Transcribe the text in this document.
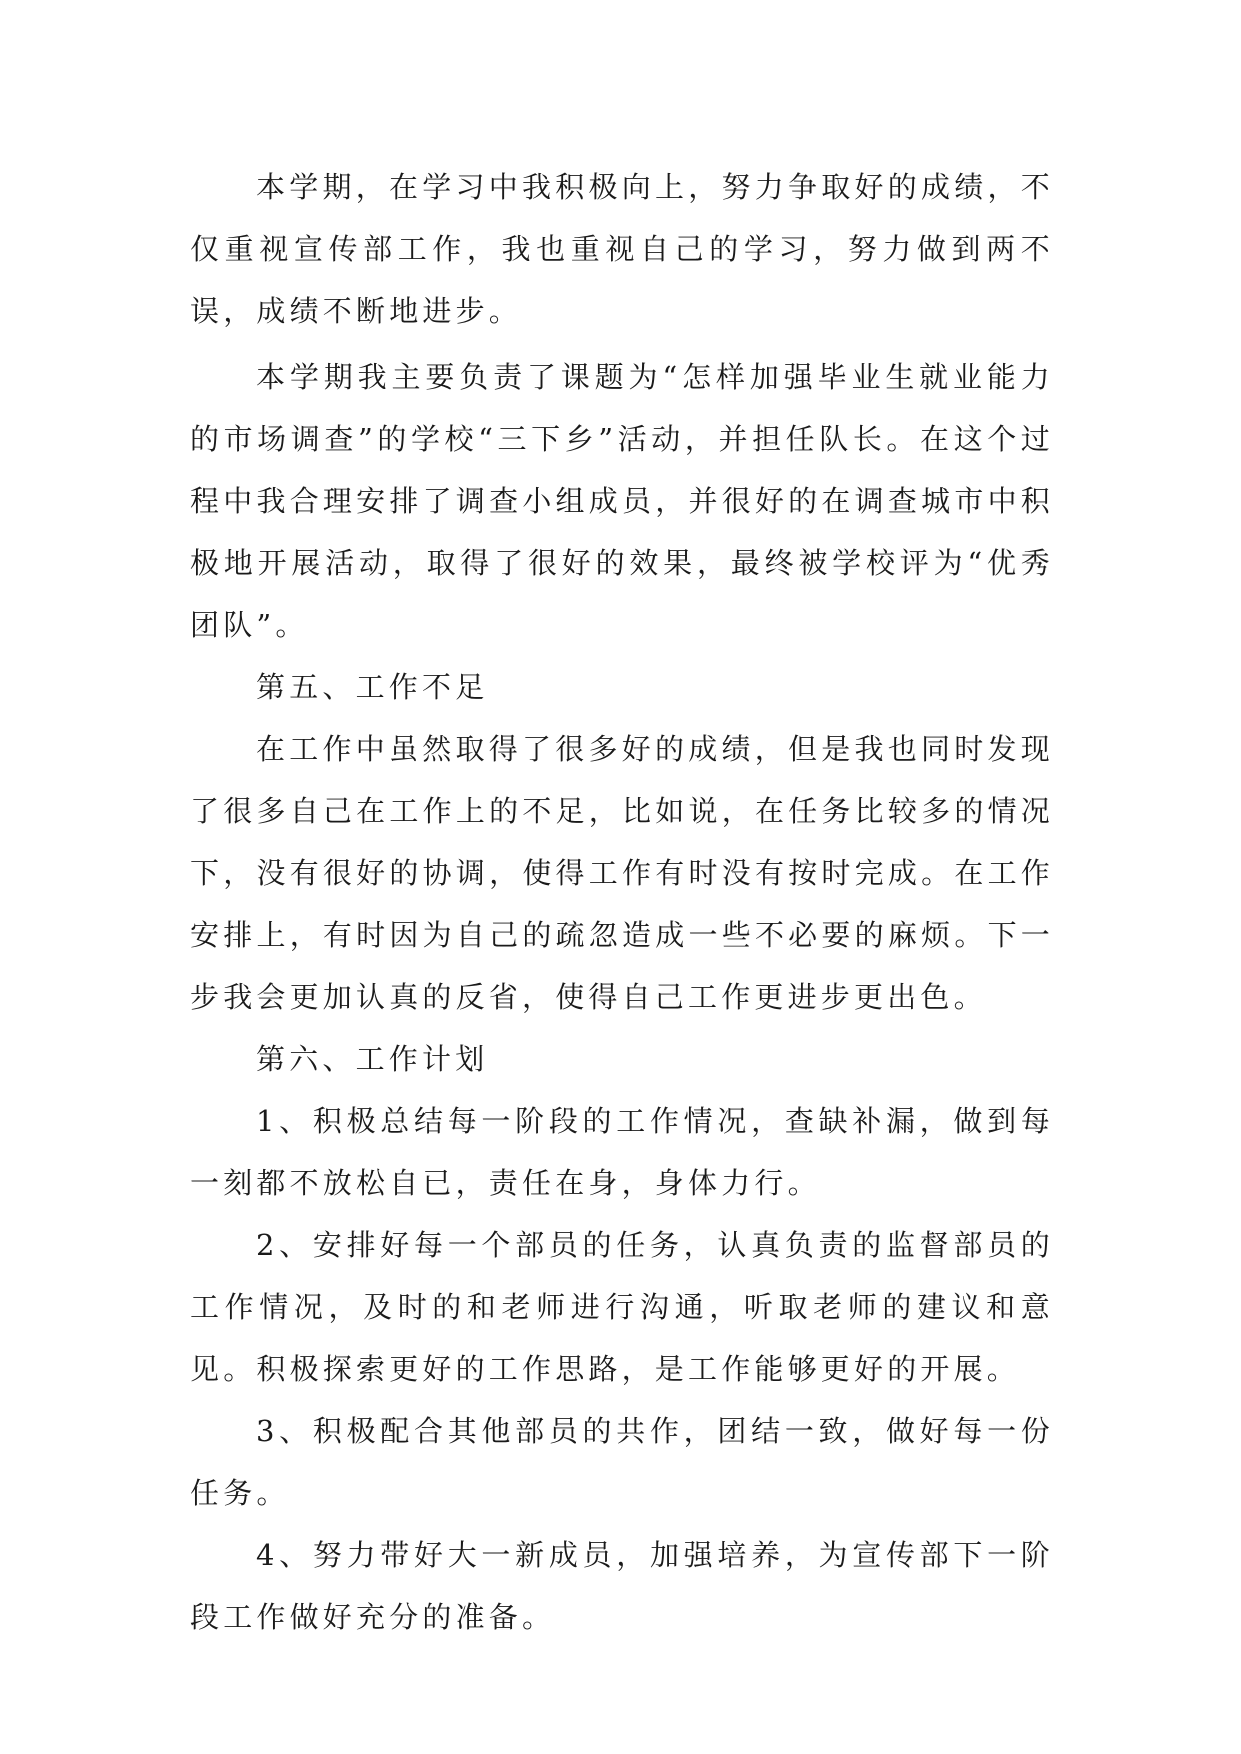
本学期，在学习中我积极向上，努力争取好的成绩，不仅重视宣传部工作，我也重视自己的学习，努力做到两不误，成绩不断地进步。

本学期我主要负责了课题为“怎样加强毕业生就业能力的市场调查”的学校“三下乡”活动，并担任队长。在这个过程中我合理安排了调查小组成员，并很好的在调查城市中积极地开展活动，取得了很好的效果，最终被学校评为“优秀团队”。

第五、工作不足

在工作中虽然取得了很多好的成绩，但是我也同时发现了很多自己在工作上的不足，比如说，在任务比较多的情况下，没有很好的协调，使得工作有时没有按时完成。在工作安排上，有时因为自己的疏忽造成一些不必要的麻烦。下一步我会更加认真的反省，使得自己工作更进步更出色。

第六、工作计划

1、积极总结每一阶段的工作情况，查缺补漏，做到每一刻都不放松自已，责任在身，身体力行。

2、安排好每一个部员的任务，认真负责的监督部员的工作情况，及时的和老师进行沟通，听取老师的建议和意见。积极探索更好的工作思路，是工作能够更好的开展。

3、积极配合其他部员的共作，团结一致，做好每一份任务。

4、努力带好大一新成员，加强培养，为宣传部下一阶段工作做好充分的准备。
